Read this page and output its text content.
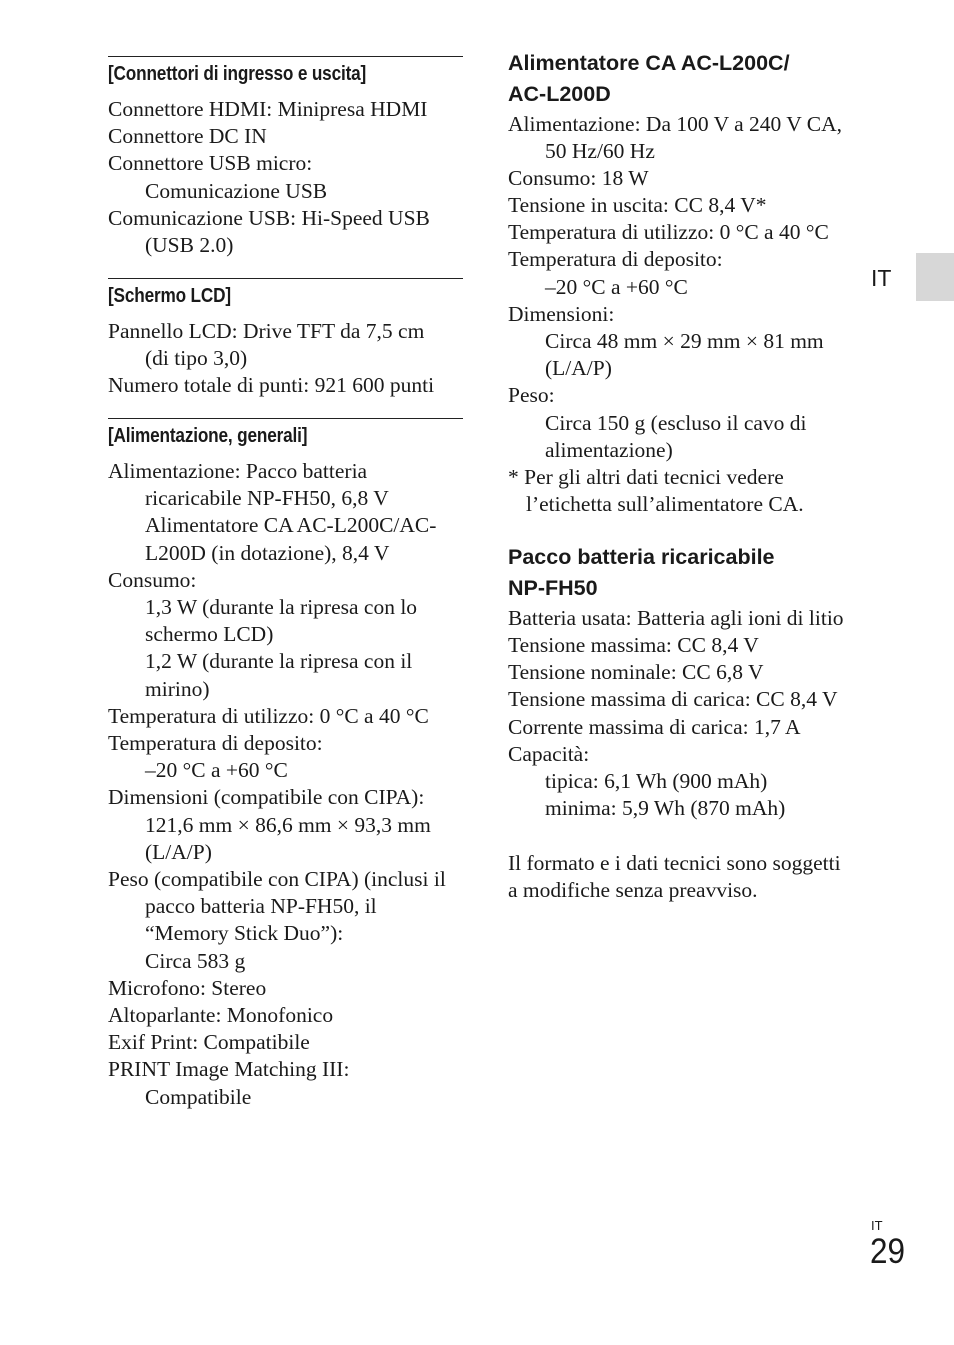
[Connettori di ingresso e uscita]
Connettore HDMI: Minipresa HDMI
Connettore DC IN
Connettore USB micro:
Comunicazione USB
Comunicazione USB: Hi-Speed USB
(USB 2.0)
[Schermo LCD]
Pannello LCD: Drive TFT da 7,5 cm
(di tipo 3,0)
Numero totale di punti: 921 600 punti
[Alimentazione, generali]
Alimentazione: Pacco batteria
ricaricabile NP-FH50, 6,8 V
Alimentatore CA AC-L200C/AC-
L200D (in dotazione), 8,4 V
Consumo:
1,3 W (durante la ripresa con lo
schermo LCD)
1,2 W (durante la ripresa con il
mirino)
Temperatura di utilizzo: 0 °C a 40 °C
Temperatura di deposito:
–20 °C a +60 °C
Dimensioni (compatibile con CIPA):
121,6 mm × 86,6 mm × 93,3 mm
(L/A/P)
Peso (compatibile con CIPA) (inclusi il
pacco batteria NP-FH50, il
“Memory Stick Duo”):
Circa 583 g
Microfono: Stereo
Altoparlante: Monofonico
Exif Print: Compatibile
PRINT Image Matching III:
Compatibile
Alimentatore CA AC-L200C/
AC-L200D
Alimentazione: Da 100 V a 240 V CA,
50 Hz/60 Hz
Consumo: 18 W
Tensione in uscita: CC 8,4 V*
Temperatura di utilizzo: 0 °C a 40 °C
Temperatura di deposito:
–20 °C a +60 °C
Dimensioni:
Circa 48 mm × 29 mm × 81 mm
(L/A/P)
Peso:
Circa 150 g (escluso il cavo di
alimentazione)
* Per gli altri dati tecnici vedere
l’etichetta sull’alimentatore CA.
Pacco batteria ricaricabile
NP-FH50
Batteria usata: Batteria agli ioni di litio
Tensione massima: CC 8,4 V
Tensione nominale: CC 6,8 V
Tensione massima di carica: CC 8,4 V
Corrente massima di carica: 1,7 A
Capacità:
tipica: 6,1 Wh (900 mAh)
minima: 5,9 Wh (870 mAh)
Il formato e i dati tecnici sono soggetti
a modifiche senza preavviso.
IT
IT
29
